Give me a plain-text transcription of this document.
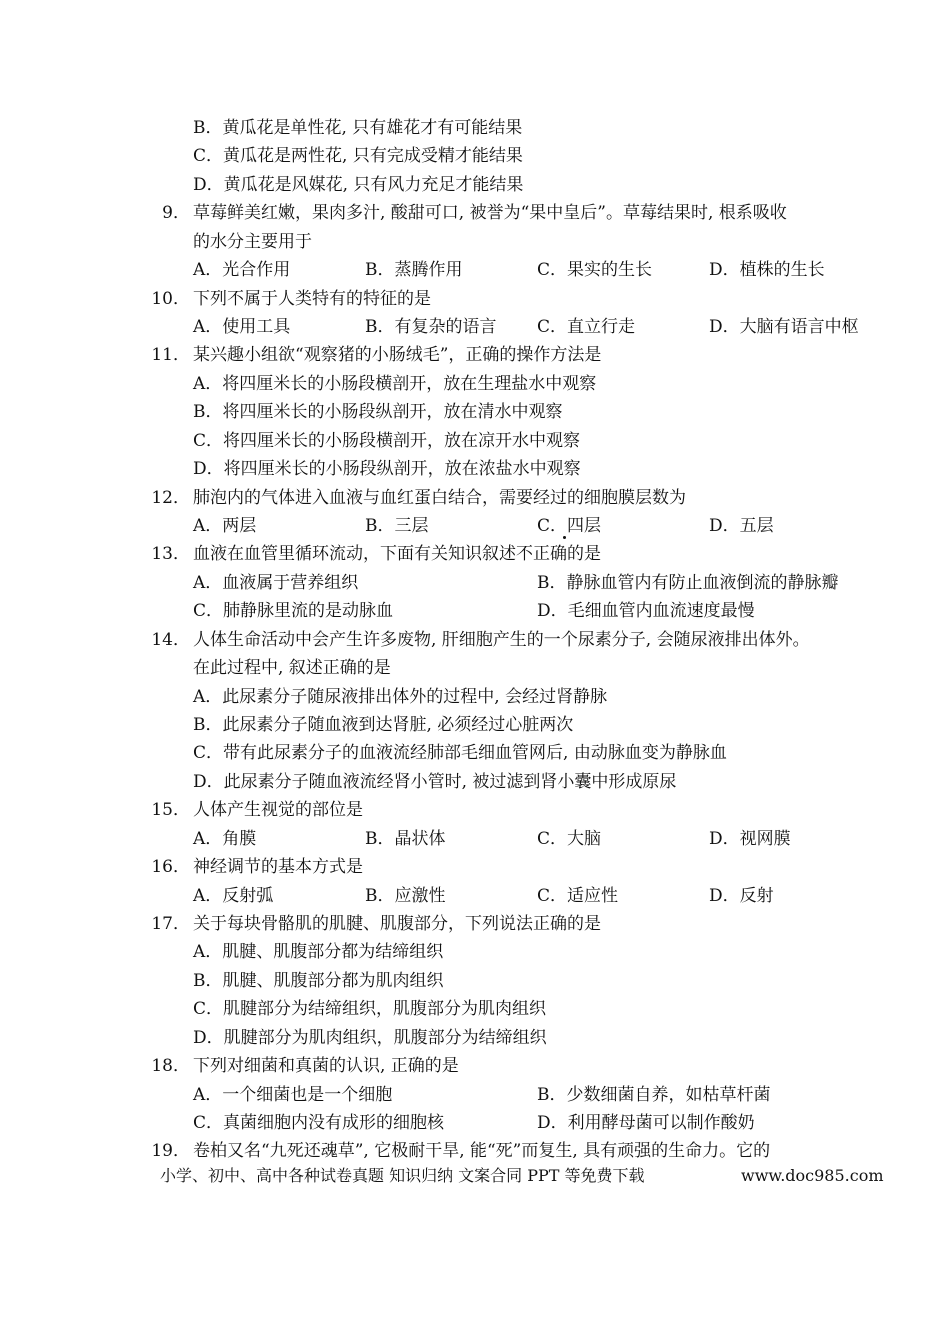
B．黄瓜花是单性花, 只有雄花才有可能结果
C．黄瓜花是两性花, 只有完成受精才能结果
D．黄瓜花是风媒花, 只有风力充足才能结果
9． 草莓鲜美红嫩，果肉多汁, 酸甜可口, 被誉为“果中皇后”。草莓结果时, 根系吸收
的水分主要用于
A．光合作用	B．蒸腾作用	C．果实的生长	D．植株的生长
10． 下列不属于人类特有的特征的是
A．使用工具	B．有复杂的语言 C．直立行走	D．大脑有语言中枢
11． 某兴趣小组欲“观察猪的小肠绒毛”，正确的操作方法是
A．将四厘米长的小肠段横剖开，放在生理盐水中观察
B．将四厘米长的小肠段纵剖开，放在清水中观察
C．将四厘米长的小肠段横剖开，放在凉开水中观察
D．将四厘米长的小肠段纵剖开，放在浓盐水中观察
12． 肺泡内的气体进入血液与血红蛋白结合，需要经过的细胞膜层数为
A．两层	B．三层	C．四层	D．五层
13． 血液在血管里循环流动，下面有关知识叙述不正确的是
A．血液属于营养组织	B．静脉血管内有防止血液倒流的静脉瓣
C．肺静脉里流的是动脉血	D．毛细血管内血流速度最慢
14． 人体生命活动中会产生许多废物, 肝细胞产生的一个尿素分子, 会随尿液排出体外。
在此过程中, 叙述正确的是
A．此尿素分子随尿液排出体外的过程中, 会经过肾静脉
B．此尿素分子随血液到达肾脏, 必须经过心脏两次
C．带有此尿素分子的血液流经肺部毛细血管网后, 由动脉血变为静脉血
D．此尿素分子随血液流经肾小管时, 被过滤到肾小囊中形成原尿
15． 人体产生视觉的部位是
A．角膜	B．晶状体	C．大脑	D．视网膜
16． 神经调节的基本方式是
A．反射弧	B．应激性	C．适应性	D．反射
17． 关于每块骨骼肌的肌腱、肌腹部分，下列说法正确的是
A．肌腱、肌腹部分都为结缔组织
B．肌腱、肌腹部分都为肌肉组织
C．肌腱部分为结缔组织，肌腹部分为肌肉组织
D．肌腱部分为肌肉组织，肌腹部分为结缔组织
18． 下列对细菌和真菌的认识, 正确的是
A．一个细菌也是一个细胞	B．少数细菌自养，如枯草杆菌
C．真菌细胞内没有成形的细胞核	D．利用酵母菌可以制作酸奶
19． 卷柏又名“九死还魂草”, 它极耐干旱, 能“死”而复生, 具有顽强的生命力。它的
小学、初中、高中各种试卷真题 知识归纳 文案合同 PPT 等免费下载	www.doc985.com
